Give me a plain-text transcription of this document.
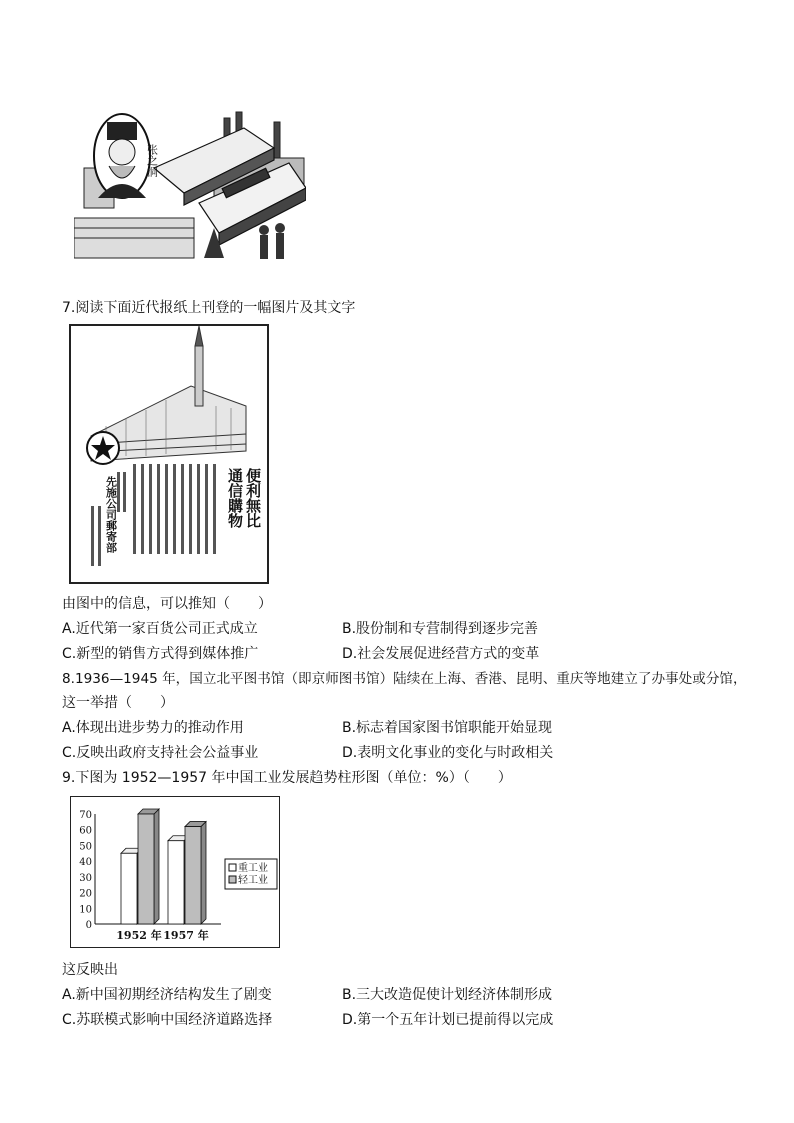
张之洞
7.阅读下面近代报纸上刊登的一幅图片及其文字
通信購物 便利無比
先施公司郵寄部
由图中的信息，可以推知（　　）
A.近代第一家百货公司正式成立	B.股份制和专营制得到逐步完善
C.新型的销售方式得到媒体推广	D.社会发展促进经营方式的变革
8.1936—1945 年，国立北平图书馆（即京师图书馆）陆续在上海、香港、昆明、重庆等地建立了办事处或分馆，
这一举措（　　）
A.体现出进步势力的推动作用	B.标志着国家图书馆职能开始显现
C.反映出政府支持社会公益事业	D.表明文化事业的变化与时政相关
9.下图为 1952—1957 年中国工业发展趋势柱形图（单位：%）（　　）
重工业
轻工业
0
10
20
30
40
50
60
70
1952 年 1957 年
这反映出
A.新中国初期经济结构发生了剧变	B.三大改造促使计划经济体制形成
C.苏联模式影响中国经济道路选择	D.第一个五年计划已提前得以完成
